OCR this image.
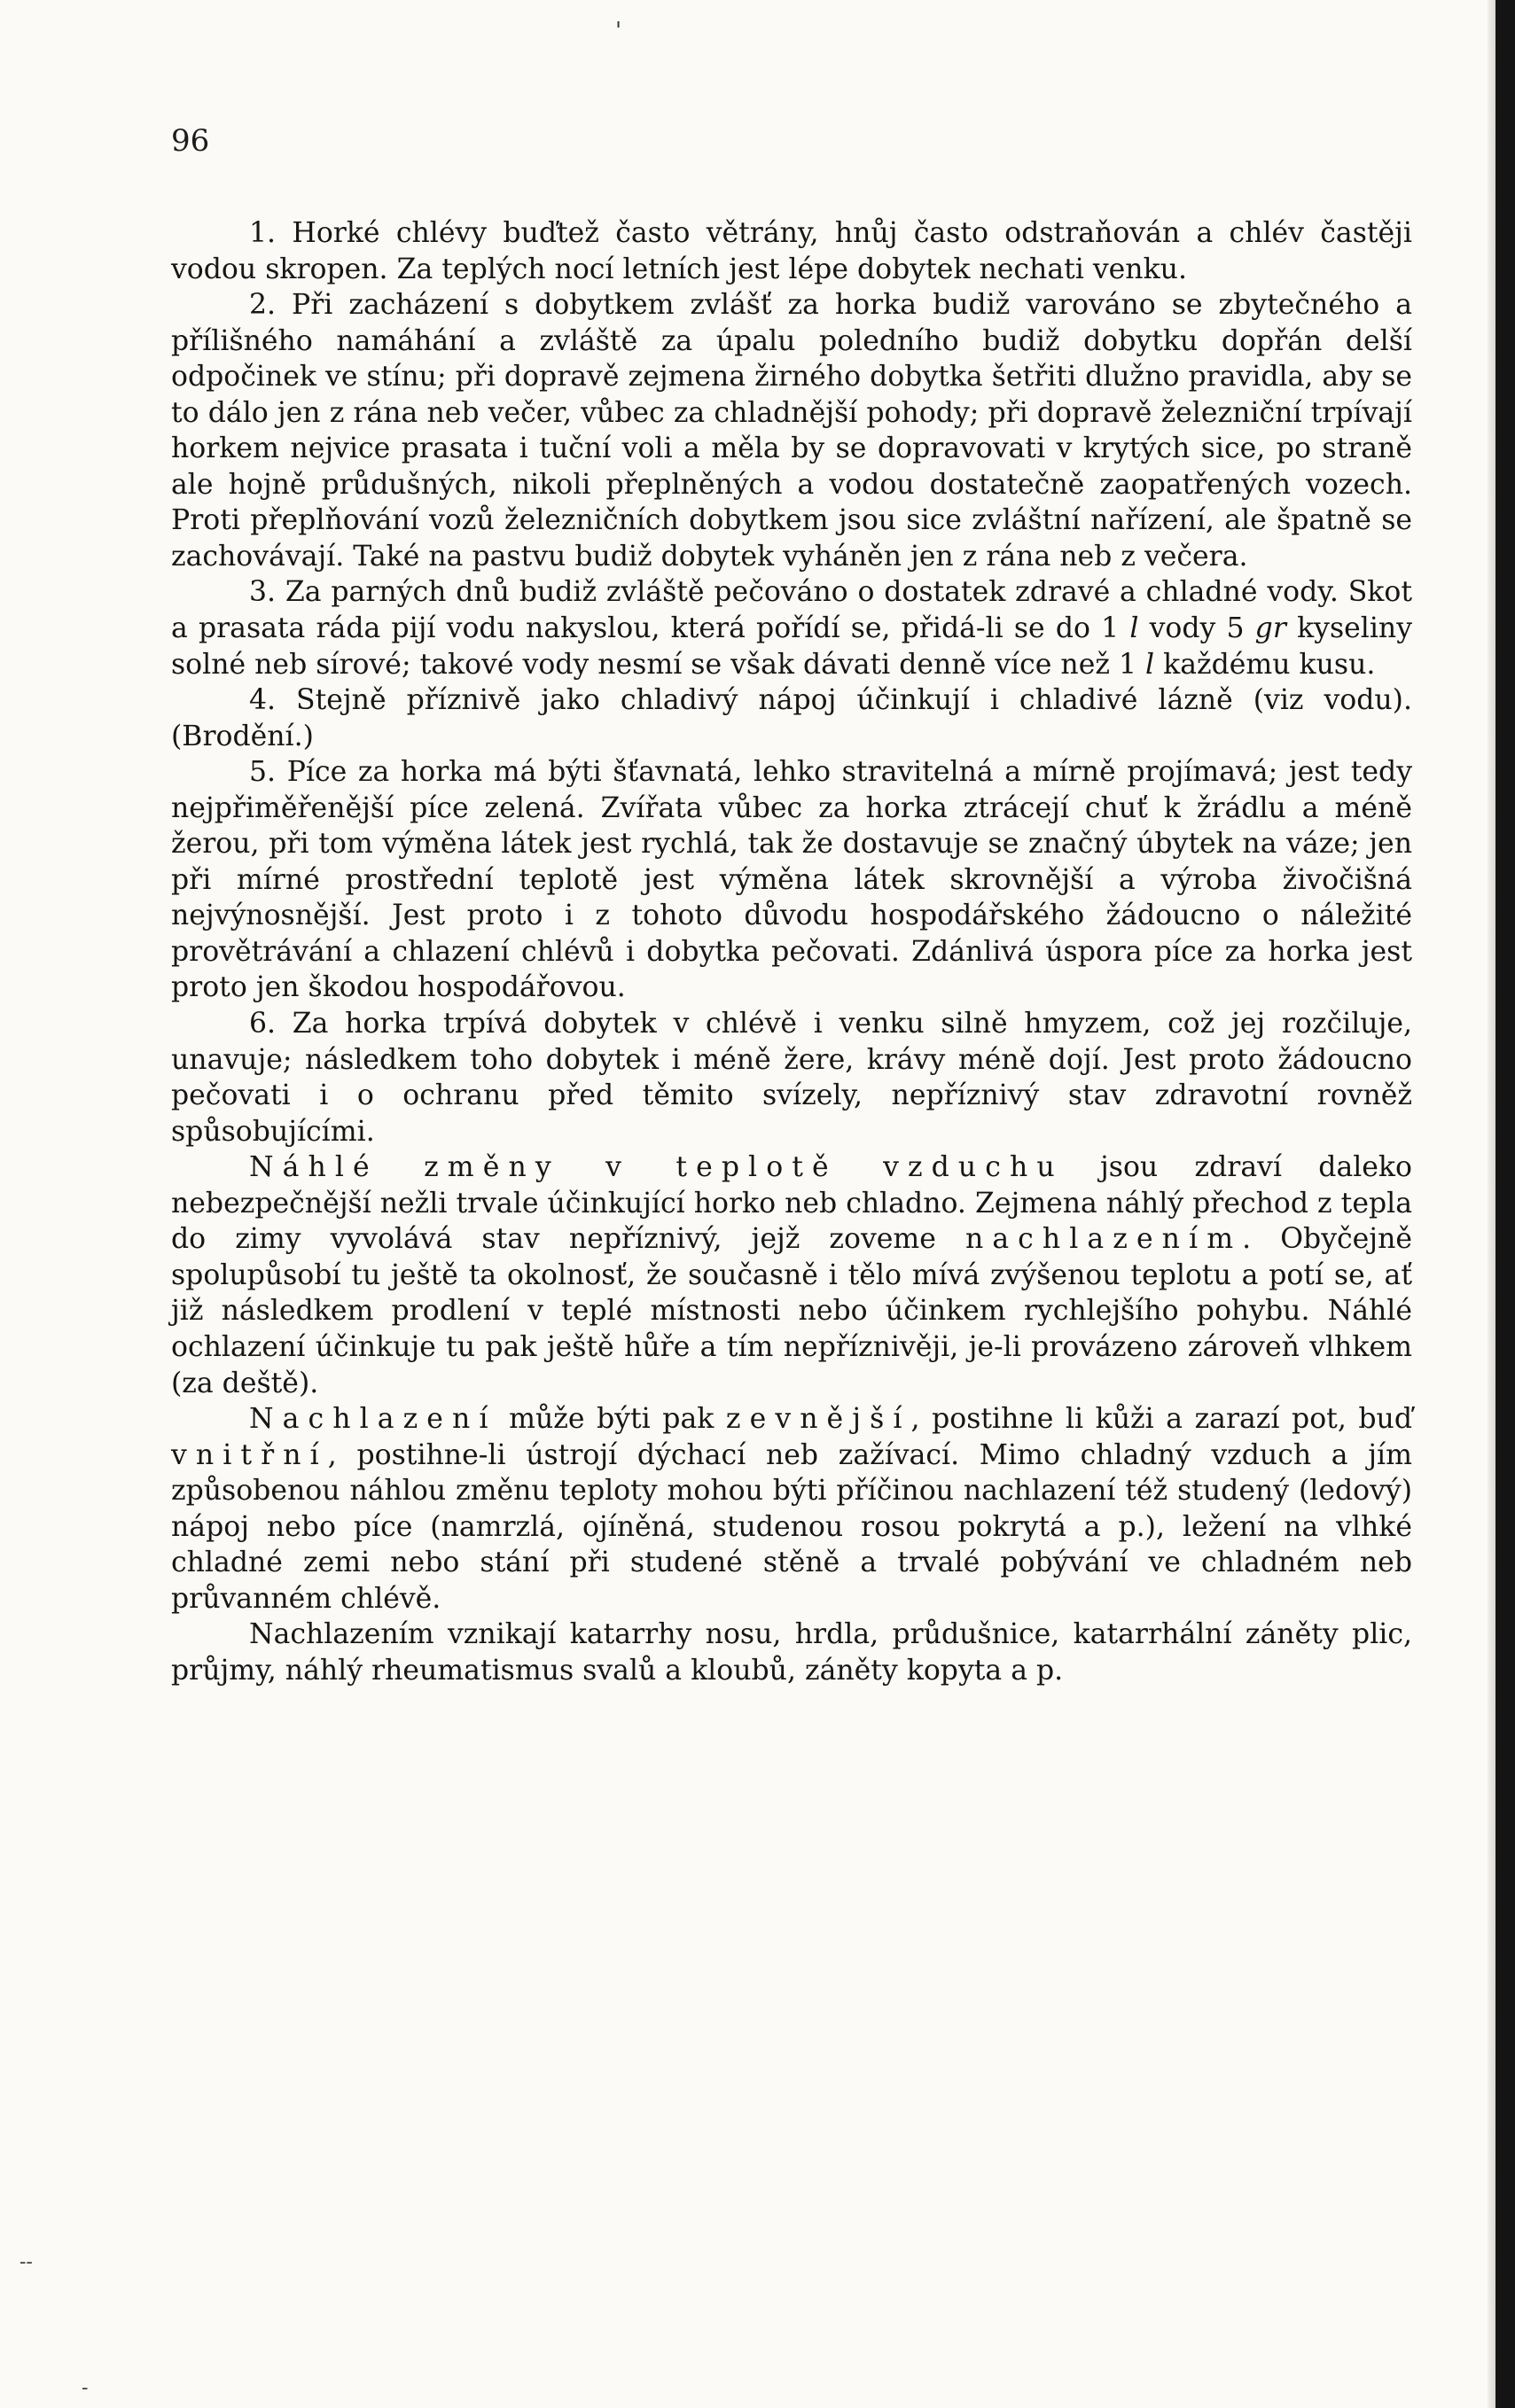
'
--
-
96

1. Horké chlévy buďtež často větrány, hnůj často odstraňován a chlév častěji vodou skropen. Za teplých nocí letních jest lépe dobytek nechati venku.

2. Při zacházení s dobytkem zvlášť za horka budiž varováno se zbytečného a přílišného namáhání a zvláště za úpalu poledního budiž dobytku dopřán delší odpočinek ve stínu; při dopravě zejmena žirného dobytka šetřiti dlužno pravidla, aby se to dálo jen z rána neb večer, vůbec za chladnější pohody; při dopravě železniční trpívají horkem nejvice prasata i tuční voli a měla by se dopravovati v krytých sice, po straně ale hojně průdušných, nikoli přeplněných a vodou dostatečně zaopatřených vozech. Proti přeplňování vozů železničních dobytkem jsou sice zvláštní nařízení, ale špatně se zachovávají. Také na pastvu budiž dobytek vyháněn jen z rána neb z večera.

3. Za parných dnů budiž zvláště pečováno o dostatek zdravé a chladné vody. Skot a prasata ráda pijí vodu nakyslou, která pořídí se, přidá-li se do 1 l vody 5 gr kyseliny solné neb sírové; takové vody nesmí se však dávati denně více než 1 l každému kusu.

4. Stejně příznivě jako chladivý nápoj účinkují i chladivé lázně (viz vodu). (Brodění.)

5. Píce za horka má býti šťavnatá, lehko stravitelná a mírně projímavá; jest tedy nejpřiměřenější píce zelená. Zvířata vůbec za horka ztrácejí chuť k žrádlu a méně žerou, při tom výměna látek jest rychlá, tak že dostavuje se značný úbytek na váze; jen při mírné prostřední teplotě jest výměna látek skrovnější a výroba živočišná nejvýnosnější. Jest proto i z tohoto důvodu hospodářského žádoucno o náležité provětrávání a chlazení chlévů i dobytka pečovati. Zdánlivá úspora píce za horka jest proto jen škodou hospodářovou.

6. Za horka trpívá dobytek v chlévě i venku silně hmyzem, což jej rozčiluje, unavuje; následkem toho dobytek i méně žere, krávy méně dojí. Jest proto žádoucno pečovati i o ochranu před těmito svízely, nepříznivý stav zdravotní rovněž spůsobujícími.

Náhlé změny v teplotě vzduchu jsou zdraví daleko nebezpečnější nežli trvale účinkující horko neb chladno. Zejmena náhlý přechod z tepla do zimy vyvolává stav nepříznivý, jejž zoveme nachlazením. Obyčejně spolupůsobí tu ještě ta okolnosť, že současně i tělo mívá zvýšenou teplotu a potí se, ať již následkem prodlení v teplé místnosti nebo účinkem rychlejšího pohybu. Náhlé ochlazení účinkuje tu pak ještě hůře a tím nepříznivěji, je-li provázeno zároveň vlhkem (za deště).

Nachlazení může býti pak zevnější, postihne li kůži a zarazí pot, buď vnitřní, postihne-li ústrojí dýchací neb zažívací. Mimo chladný vzduch a jím způsobenou náhlou změnu teploty mohou býti příčinou nachlazení též studený (ledový) nápoj nebo píce (namrzlá, ojíněná, studenou rosou pokrytá a p.), ležení na vlhké chladné zemi nebo stání při studené stěně a trvalé pobývání ve chladném neb průvanném chlévě.

Nachlazením vznikají katarrhy nosu, hrdla, průdušnice, katarrhální záněty plic, průjmy, náhlý rheumatismus svalů a kloubů, záněty kopyta a p.
